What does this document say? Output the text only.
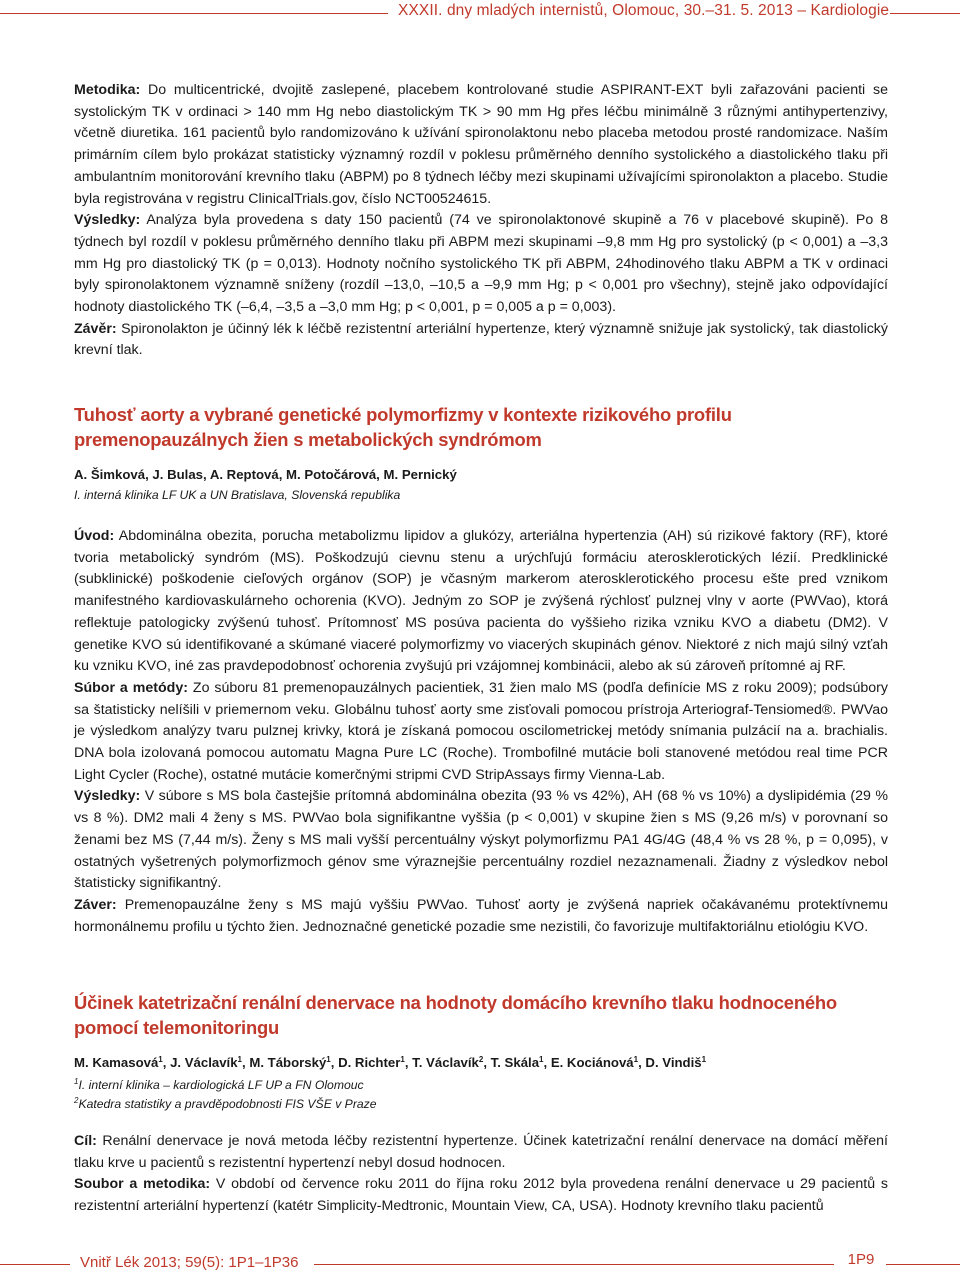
XXXII. dny mladých internistů, Olomouc, 30.–31. 5. 2013 – Kardiologie

Metodika: Do multicentrické, dvojitě zaslepené, placebem kontrolované studie ASPIRANT-EXT byli zařazováni pacienti se systolickým TK v ordinaci > 140 mm Hg nebo diastolickým TK > 90 mm Hg přes léčbu minimálně 3 různými antihypertenzivy, včetně diuretika. 161 pacientů bylo randomizováno k užívání spironolaktonu nebo placeba metodou prosté randomizace. Naším primárním cílem bylo prokázat statisticky významný rozdíl v poklesu průměrného denního systolického a diastolického tlaku při ambulantním monitorování krevního tlaku (ABPM) po 8 týdnech léčby mezi skupinami užívajícími spironolakton a placebo. Studie byla registrována v registru ClinicalTrials.gov, číslo NCT00524615.

Výsledky: Analýza byla provedena s daty 150 pacientů (74 ve spironolaktonové skupině a 76 v placebové skupině). Po 8 týdnech byl rozdíl v poklesu průměrného denního tlaku při ABPM mezi skupinami –9,8 mm Hg pro systolický (p < 0,001) a –3,3 mm Hg pro diastolický TK (p = 0,013). Hodnoty nočního systolického TK při ABPM, 24hodinového tlaku ABPM a TK v ordinaci byly spironolaktonem významně sníženy (rozdíl –13,0, –10,5 a –9,9 mm Hg; p < 0,001 pro všechny), stejně jako odpovídající hodnoty diastolického TK (–6,4, –3,5 a –3,0 mm Hg; p < 0,001, p = 0,005 a p = 0,003).

Závěr: Spironolakton je účinný lék k léčbě rezistentní arteriální hypertenze, který významně snižuje jak systolický, tak diastolický krevní tlak.

Tuhosť aorty a vybrané genetické polymorfizmy v kontexte rizikového profilu premenopauzálnych žien s metabolických syndrómom

A. Šimková, J. Bulas, A. Reptová, M. Potočárová, M. Pernický

I. interná klinika LF UK a UN Bratislava, Slovenská republika

Úvod: Abdominálna obezita, porucha metabolizmu lipidov a glukózy, arteriálna hypertenzia (AH) sú rizikové faktory (RF), ktoré tvoria metabolický syndróm (MS). Poškodzujú cievnu stenu a urýchľujú formáciu aterosklerotických lézií. Predklinické (subklinické) poškodenie cieľových orgánov (SOP) je včasným markerom aterosklerotického procesu ešte pred vznikom manifestného kardiovaskulárneho ochorenia (KVO). Jedným zo SOP je zvýšená rýchlosť pulznej vlny v aorte (PWVao), ktorá reflektuje patologicky zvýšenú tuhosť. Prítomnosť MS posúva pacienta do vyššieho rizika vzniku KVO a diabetu (DM2). V genetike KVO sú identifikované a skúmané viaceré polymorfizmy vo viacerých skupinách génov. Niektoré z nich majú silný vzťah ku vzniku KVO, iné zas pravdepodobnosť ochorenia zvyšujú pri vzájomnej kombinácii, alebo ak sú zároveň prítomné aj RF.

Súbor a metódy: Zo súboru 81 premenopauzálnych pacientiek, 31 žien malo MS (podľa definície MS z roku 2009); podsúbory sa štatisticky nelíšili v priemernom veku. Globálnu tuhosť aorty sme zisťovali pomocou prístroja Arteriograf-Tensiomed®. PWVao je výsledkom analýzy tvaru pulznej krivky, ktorá je získaná pomocou oscilometrickej metódy snímania pulzácií na a. brachialis. DNA bola izolovaná pomocou automatu Magna Pure LC (Roche). Trombofilné mutácie boli stanovené metódou real time PCR Light Cycler (Roche), ostatné mutácie komerčnými stripmi CVD StripAssays firmy Vienna-Lab.

Výsledky: V súbore s MS bola častejšie prítomná abdominálna obezita (93 % vs 42%), AH (68 % vs 10%) a dyslipidémia (29 % vs 8 %). DM2 mali 4 ženy s MS. PWVao bola signifikantne vyššia (p < 0,001) v skupine žien s MS (9,26 m/s) v porovnaní so ženami bez MS (7,44 m/s). Ženy s MS mali vyšší percentuálny výskyt polymorfizmu PA1 4G/4G (48,4 % vs 28 %, p = 0,095), v ostatných vyšetrených polymorfizmoch génov sme výraznejšie percentuálny rozdiel nezaznamenali. Žiadny z výsledkov nebol štatisticky signifikantný.

Záver: Premenopauzálne ženy s MS majú vyššiu PWVao. Tuhosť aorty je zvýšená napriek očakávanému protektívnemu hormonálnemu profilu u týchto žien. Jednoznačné genetické pozadie sme nezistili, čo favorizuje multifaktoriálnu etiológiu KVO.

Účinek katetrizační renální denervace na hodnoty domácího krevního tlaku hodnoceného pomocí telemonitoringu

M. Kamasová$^1$, J. Václavík$^1$, M. Táborský$^1$, D. Richter$^1$, T. Václavík$^2$, T. Skála$^1$, E. Kociánová$^1$, D. Vindiš$^1$

$^1$I. interní klinika – kardiologická LF UP a FN Olomouc

$^2$Katedra statistiky a pravděpodobnosti FIS VŠE v Praze

Cíl: Renální denervace je nová metoda léčby rezistentní hypertenze. Účinek katetrizační renální denervace na domácí měření tlaku krve u pacientů s rezistentní hypertenzí nebyl dosud hodnocen.

Soubor a metodika: V období od července roku 2011 do října roku 2012 byla provedena renální denervace u 29 pacientů s rezistentní arteriální hypertenzí (katétr Simplicity-Medtronic, Mountain View, CA, USA). Hodnoty krevního tlaku pacientů

Vnitř Lék 2013; 59(5): 1P1–1P36	1P9
